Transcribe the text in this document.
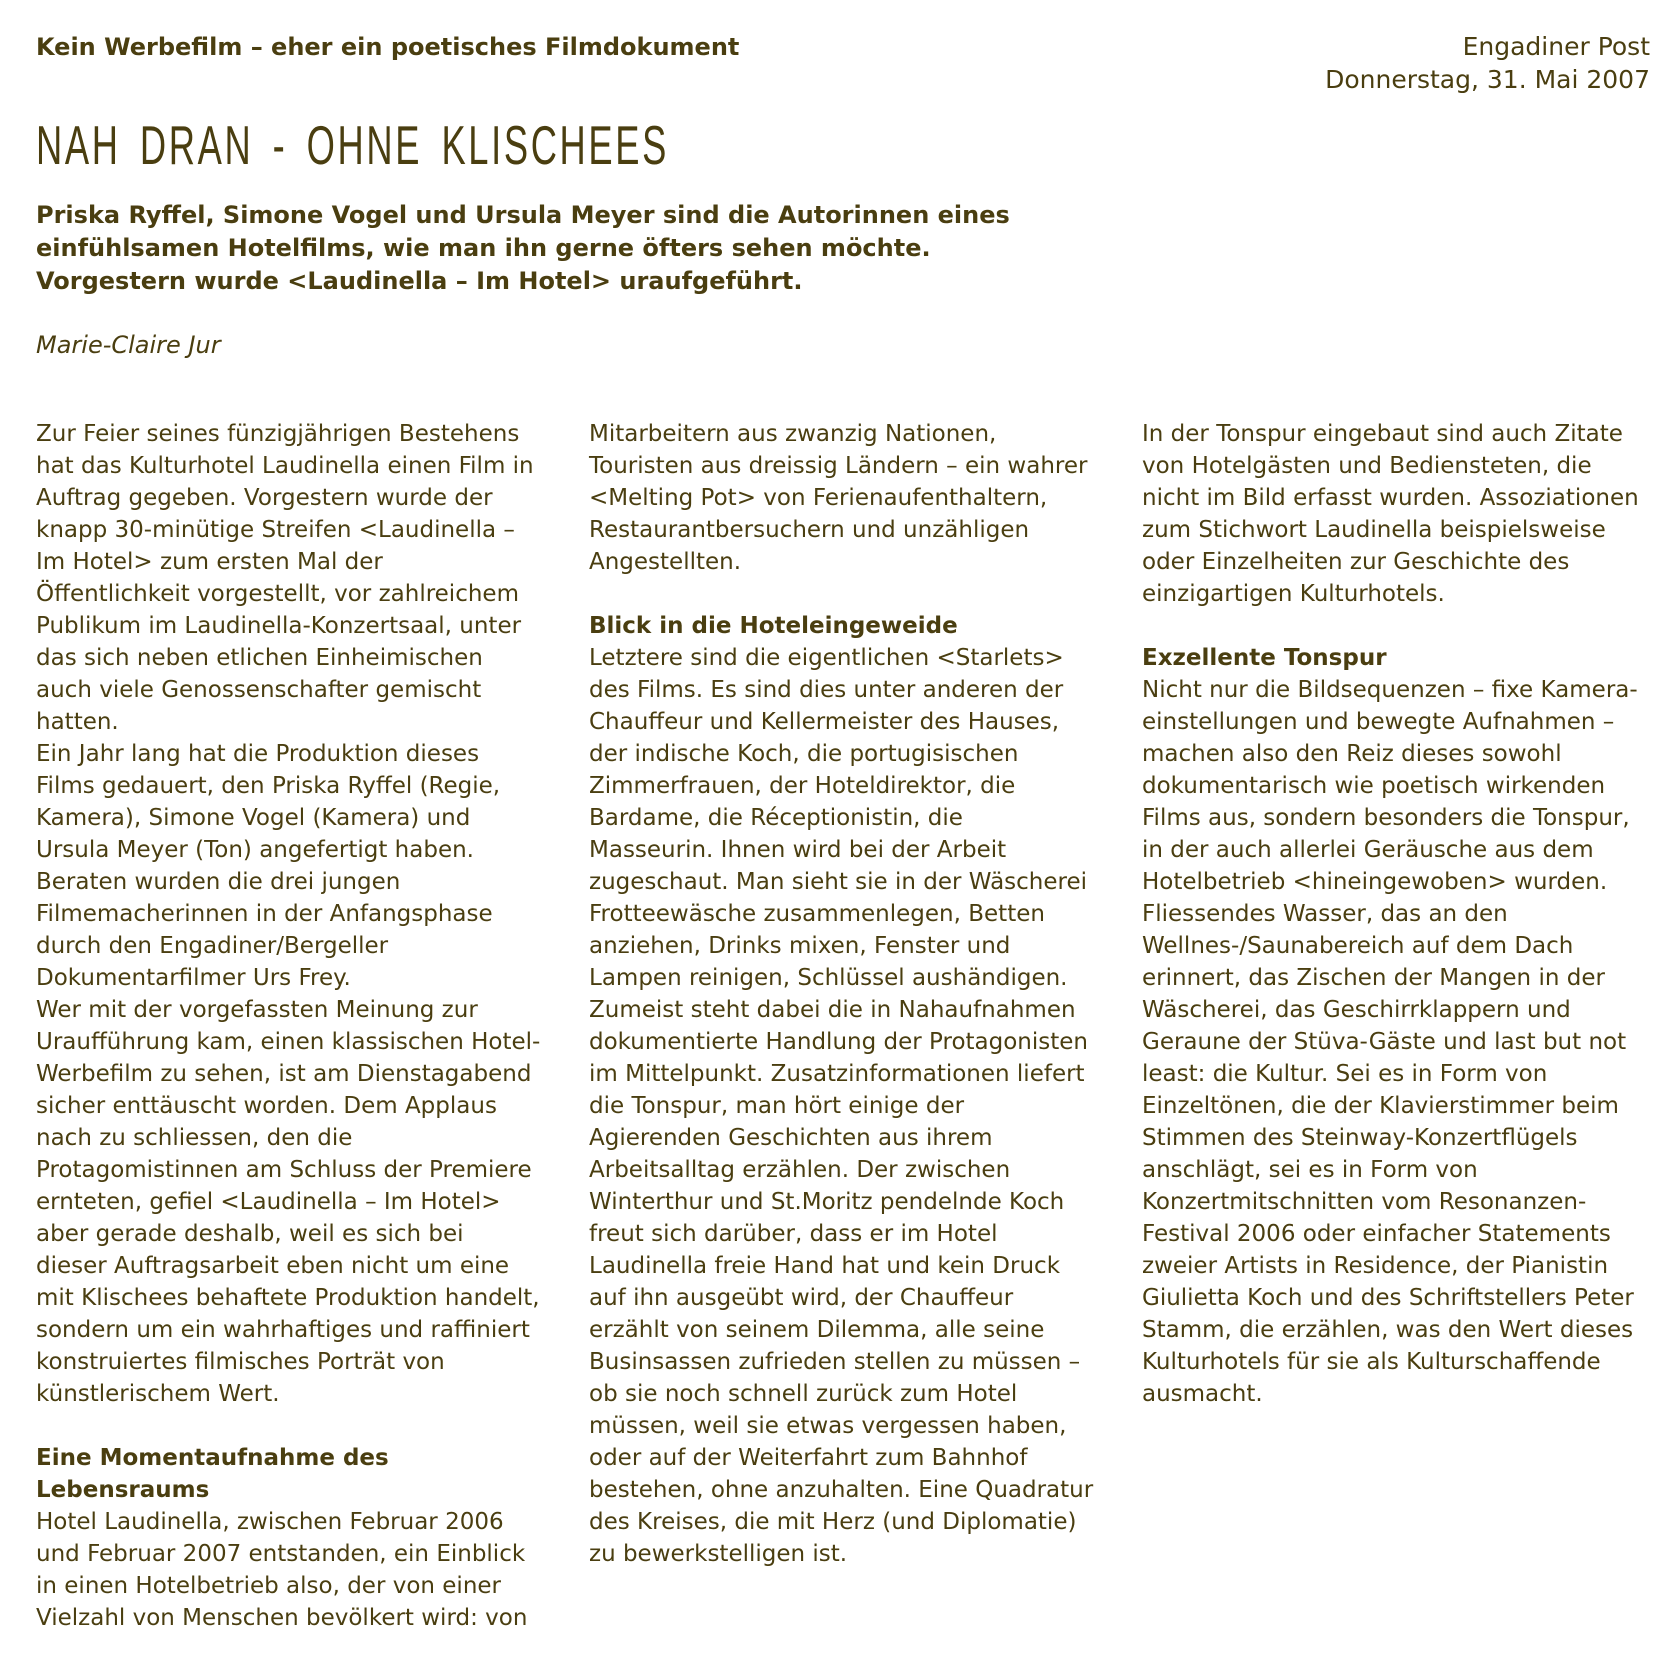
Kein Werbefilm – eher ein poetisches Filmdokument	Engadiner Post
Donnerstag, 31. Mai 2007
NAH DRAN - OHNE KLISCHEES
Priska Ryffel, Simone Vogel und Ursula Meyer sind die Autorinnen eines
einfühlsamen Hotelfilms, wie man ihn gerne öfters sehen möchte.
Vorgestern wurde <Laudinella – Im Hotel> uraufgeführt.
Marie-Claire Jur

Zur Feier seines fünzigjährigen Bestehens hat das Kulturhotel Laudinella einen Film in Auftrag gegeben. Vorgestern wurde der knapp 30-minütige Streifen <Laudinella – Im Hotel> zum ersten Mal der Öffentlichkeit vorgestellt, vor zahlreichem Publikum im Laudinella-Konzertsaal, unter das sich neben etlichen Einheimischen auch viele Genossenschafter gemischt hatten.

Ein Jahr lang hat die Produktion dieses Films gedauert, den Priska Ryffel (Regie, Kamera), Simone Vogel (Kamera) und Ursula Meyer (Ton) angefertigt haben. Beraten wurden die drei jungen Filmemacherinnen in der Anfangsphase durch den Engadiner/Bergeller Dokumentarfilmer Urs Frey.

Wer mit der vorgefassten Meinung zur Uraufführung kam, einen klassischen Hotel-Werbefilm zu sehen, ist am Dienstagabend sicher enttäuscht worden. Dem Applaus nach zu schliessen, den die Protagomistinnen am Schluss der Premiere ernteten, gefiel <Laudinella – Im Hotel> aber gerade deshalb, weil es sich bei dieser Auftragsarbeit eben nicht um eine mit Klischees behaftete Produktion handelt, sondern um ein wahrhaftiges und raffiniert konstruiertes filmisches Porträt von künstlerischem Wert.

Eine Momentaufnahme des Lebensraums

Hotel Laudinella, zwischen Februar 2006 und Februar 2007 entstanden, ein Einblick in einen Hotelbetrieb also, der von einer Vielzahl von Menschen bevölkert wird: von

Mitarbeitern aus zwanzig Nationen, Touristen aus dreissig Ländern – ein wahrer <Melting Pot> von Ferienaufenthaltern, Restaurantbersuchern und unzähligen Angestellten.

Blick in die Hoteleingeweide

Letztere sind die eigentlichen <Starlets> des Films. Es sind dies unter anderen der Chauffeur und Kellermeister des Hauses, der indische Koch, die portugisischen Zimmerfrauen, der Hoteldirektor, die Bardame, die Réceptionistin, die Masseurin. Ihnen wird bei der Arbeit zugeschaut. Man sieht sie in der Wäscherei Frotteewäsche zusammenlegen, Betten anziehen, Drinks mixen, Fenster und Lampen reinigen, Schlüssel aushändigen. Zumeist steht dabei die in Nahaufnahmen dokumentierte Handlung der Protagonisten im Mittelpunkt. Zusatzinformationen liefert die Tonspur, man hört einige der Agierenden Geschichten aus ihrem Arbeitsalltag erzählen. Der zwischen Winterthur und St.Moritz pendelnde Koch freut sich darüber, dass er im Hotel Laudinella freie Hand hat und kein Druck auf ihn ausgeübt wird, der Chauffeur erzählt von seinem Dilemma, alle seine Businsassen zufrieden stellen zu müssen – ob sie noch schnell zurück zum Hotel müssen, weil sie etwas vergessen haben, oder auf der Weiterfahrt zum Bahnhof bestehen, ohne anzuhalten. Eine Quadratur des Kreises, die mit Herz (und Diplomatie) zu bewerkstelligen ist.

In der Tonspur eingebaut sind auch Zitate von Hotelgästen und Bediensteten, die nicht im Bild erfasst wurden. Assoziationen zum Stichwort Laudinella beispielsweise oder Einzelheiten zur Geschichte des einzigartigen Kulturhotels.

Exzellente Tonspur

Nicht nur die Bildsequenzen – fixe Kamera-einstellungen und bewegte Aufnahmen – machen also den Reiz dieses sowohl dokumentarisch wie poetisch wirkenden Films aus, sondern besonders die Tonspur, in der auch allerlei Geräusche aus dem Hotelbetrieb <hineingewoben> wurden. Fliessendes Wasser, das an den Wellnes-/Saunabereich auf dem Dach erinnert, das Zischen der Mangen in der Wäscherei, das Geschirrklappern und Geraune der Stüva-Gäste und last but not least: die Kultur. Sei es in Form von Einzeltönen, die der Klavierstimmer beim Stimmen des Steinway-Konzertflügels anschlägt, sei es in Form von Konzertmitschnitten vom Resonanzen- Festival 2006 oder einfacher Statements zweier Artists in Residence, der Pianistin Giulietta Koch und des Schriftstellers Peter Stamm, die erzählen, was den Wert dieses Kulturhotels für sie als Kulturschaffende ausmacht.
